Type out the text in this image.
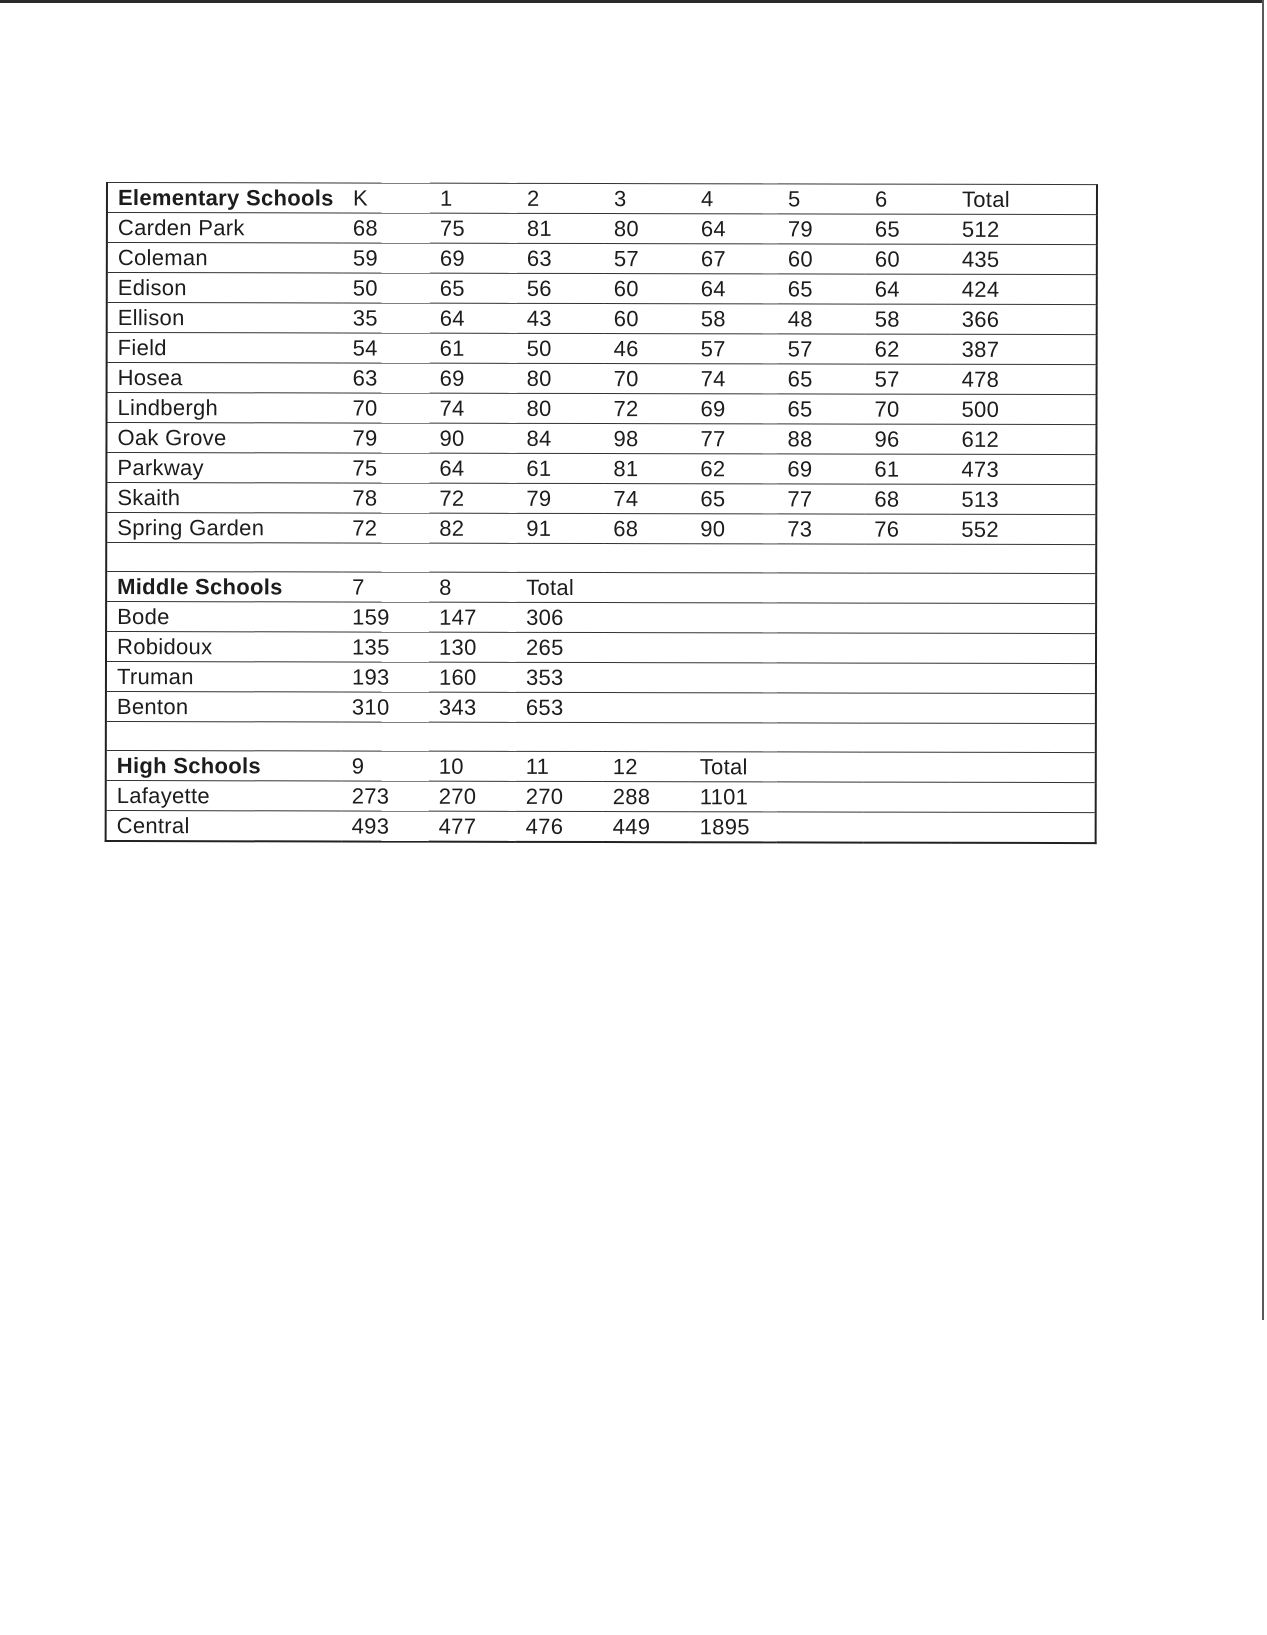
Elementary Schools	K	1	2	3	4	5	6	Total
Carden Park	68	75	81	80	64	79	65	512
Coleman	59	69	63	57	67	60	60	435
Edison	50	65	56	60	64	65	64	424
Ellison	35	64	43	60	58	48	58	366
Field	54	61	50	46	57	57	62	387
Hosea	63	69	80	70	74	65	57	478
Lindbergh	70	74	80	72	69	65	70	500
Oak Grove	79	90	84	98	77	88	96	612
Parkway	75	64	61	81	62	69	61	473
Skaith	78	72	79	74	65	77	68	513
Spring Garden	72	82	91	68	90	73	76	552

Middle Schools	7	8	Total					
Bode	159	147	306					
Robidoux	135	130	265					
Truman	193	160	353					
Benton	310	343	653					

High Schools	9	10	11	12	Total			
Lafayette	273	270	270	288	1101			
Central	493	477	476	449	1895			
